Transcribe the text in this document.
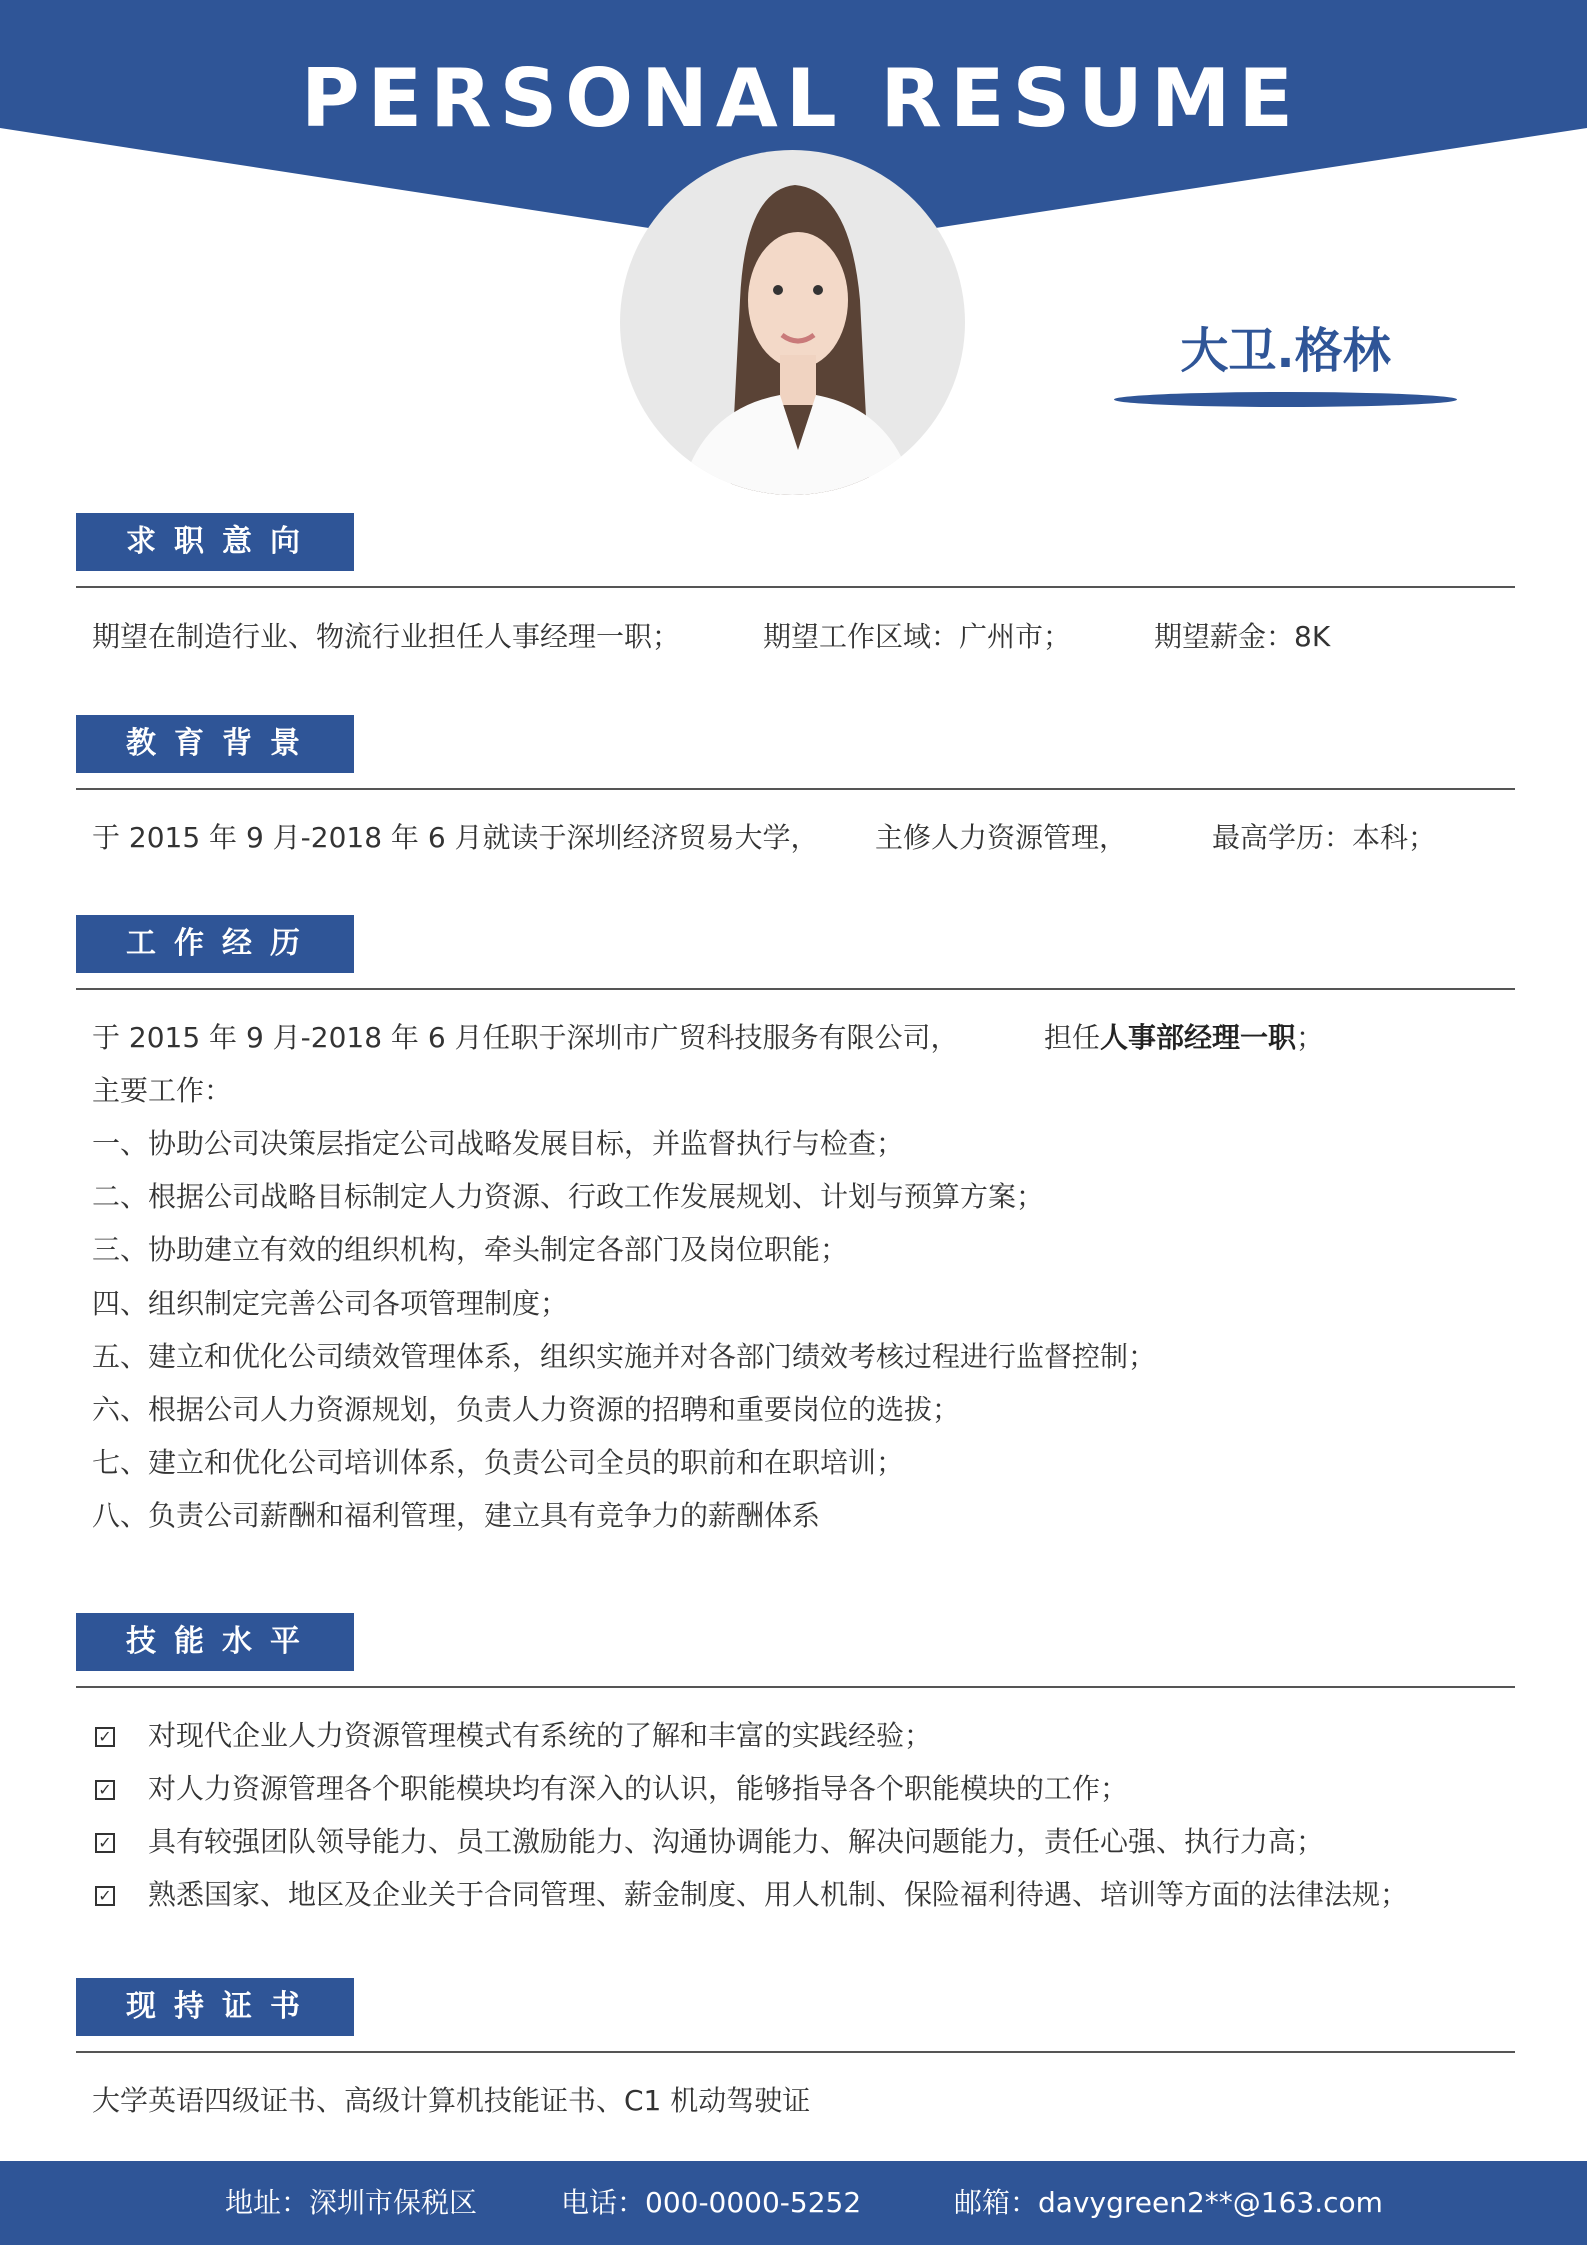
PERSONAL RESUME
大卫.格林
求职意向
期望在制造行业、物流行业担任人事经理一职；	期望工作区域：广州市；	期望薪金：8K
教育背景
于 2015 年 9 月-2018 年 6 月就读于深圳经济贸易大学， 主修人力资源管理，	最高学历：本科；
工作经历
于 2015 年 9 月-2018 年 6 月任职于深圳市广贸科技服务有限公司，	担任人事部经理一职；
主要工作：
一、协助公司决策层指定公司战略发展目标，并监督执行与检查；
二、根据公司战略目标制定人力资源、行政工作发展规划、计划与预算方案；
三、协助建立有效的组织机构，牵头制定各部门及岗位职能；
四、组织制定完善公司各项管理制度；
五、建立和优化公司绩效管理体系，组织实施并对各部门绩效考核过程进行监督控制；
六、根据公司人力资源规划，负责人力资源的招聘和重要岗位的选拔；
七、建立和优化公司培训体系，负责公司全员的职前和在职培训；
八、负责公司薪酬和福利管理，建立具有竞争力的薪酬体系
技能水平
✓ 对现代企业人力资源管理模式有系统的了解和丰富的实践经验；
✓ 对人力资源管理各个职能模块均有深入的认识，能够指导各个职能模块的工作；
✓ 具有较强团队领导能力、员工激励能力、沟通协调能力、解决问题能力，责任心强、执行力高；
✓ 熟悉国家、地区及企业关于合同管理、薪金制度、用人机制、保险福利待遇、培训等方面的法律法规；
现持证书
大学英语四级证书、高级计算机技能证书、C1 机动驾驶证
地址：深圳市保税区	电话：000-0000-5252	邮箱：davygreen2**@163.com
